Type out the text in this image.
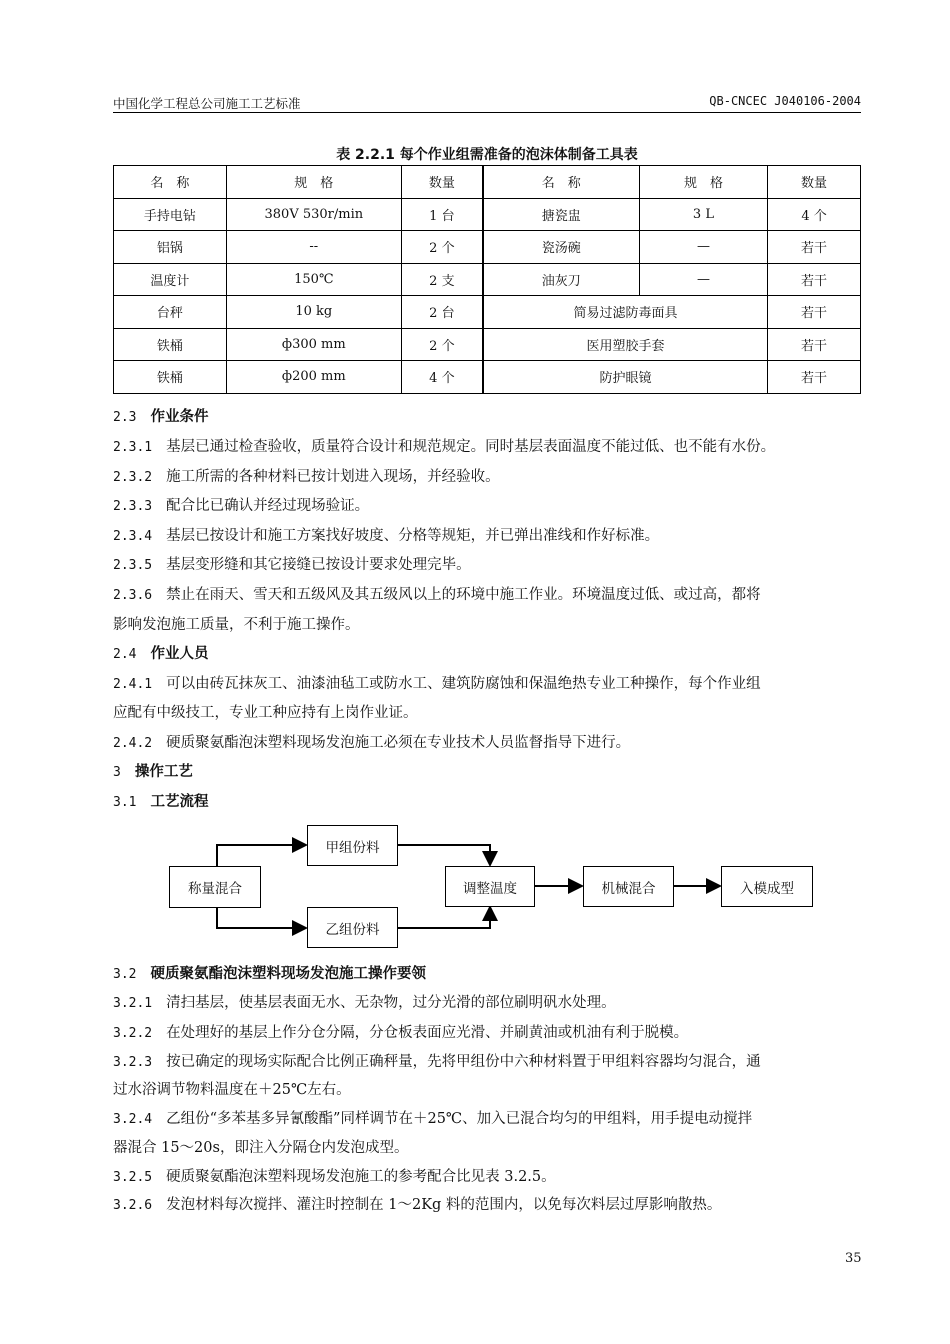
中国化学工程总公司施工工艺标准	QB-CNCEC J040106-2004
表 2.2.1 每个作业组需准备的泡沫体制备工具表
名　称	规　格	数量	名　称	规　格	数量
手持电钻	380V 530r/min	1 台	搪瓷盅	3 L	4 个
铝锅	--	2 个	瓷汤碗	—	若干
温度计	150℃	2 支	油灰刀	—	若干
台秤	10 kg	2 台	简易过滤防毒面具		若干
铁桶	ф300 mm	2 个	医用塑胶手套		若干
铁桶	ф200 mm	4 个	防护眼镜		若干
2.3 作业条件
2.3.1 基层已通过检查验收，质量符合设计和规范规定。同时基层表面温度不能过低、也不能有水份。
2.3.2 施工所需的各种材料已按计划进入现场，并经验收。
2.3.3 配合比已确认并经过现场验证。
2.3.4 基层已按设计和施工方案找好坡度、分格等规矩，并已弹出准线和作好标准。
2.3.5 基层变形缝和其它接缝已按设计要求处理完毕。
2.3.6 禁止在雨天、雪天和五级风及其五级风以上的环境中施工作业。环境温度过低、或过高，都将
影响发泡施工质量，不利于施工操作。
2.4 作业人员
2.4.1 可以由砖瓦抹灰工、油漆油毡工或防水工、建筑防腐蚀和保温绝热专业工种操作，每个作业组
应配有中级技工，专业工种应持有上岗作业证。
2.4.2 硬质聚氨酯泡沫塑料现场发泡施工必须在专业技术人员监督指导下进行。
3 操作工艺
3.1 工艺流程
称量混合
甲组份料
乙组份料
调整温度	机械混合	入模成型
3.2 硬质聚氨酯泡沫塑料现场发泡施工操作要领
3.2.1 清扫基层，使基层表面无水、无杂物，过分光滑的部位刷明矾水处理。
3.2.2 在处理好的基层上作分仓分隔，分仓板表面应光滑、并刷黄油或机油有利于脱模。
3.2.3 按已确定的现场实际配合比例正确秤量，先将甲组份中六种材料置于甲组料容器均匀混合，通
过水浴调节物料温度在＋25℃左右。
3.2.4 乙组份“多苯基多异氰酸酯”同样调节在＋25℃、加入已混合均匀的甲组料，用手提电动搅拌
器混合 15～20s，即注入分隔仓内发泡成型。
3.2.5 硬质聚氨酯泡沫塑料现场发泡施工的参考配合比见表 3.2.5。
3.2.6 发泡材料每次搅拌、灌注时控制在 1～2Kg 料的范围内，以免每次料层过厚影响散热。
35
